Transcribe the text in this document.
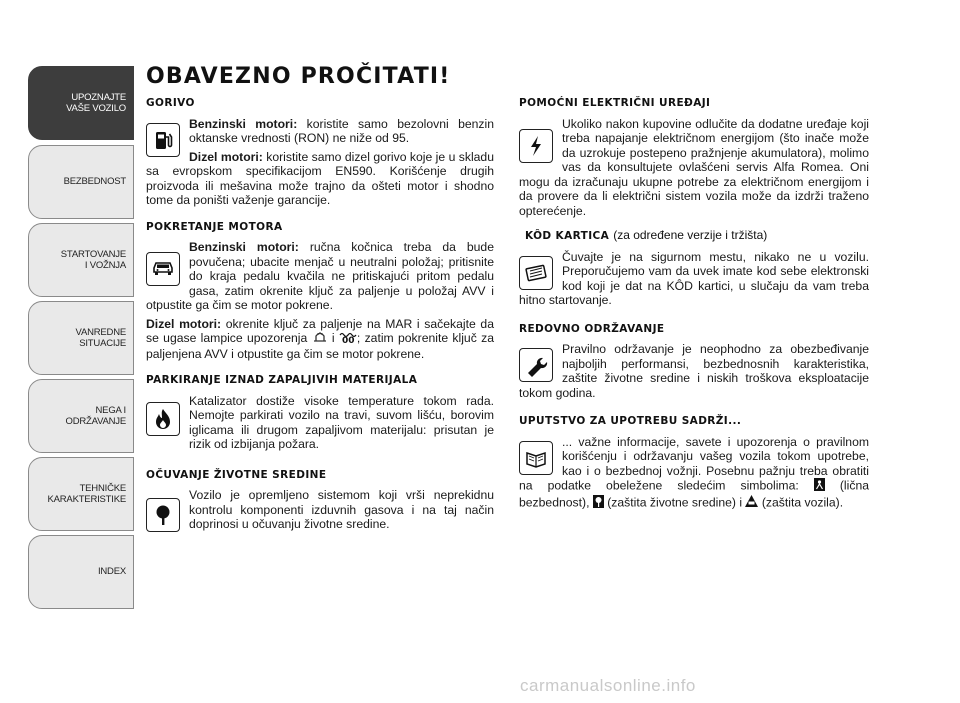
UPOZNAJTE
VAŠE VOZILO
BEZBEDNOST
STARTOVANJE
I VOŽNJA
VANREDNE
SITUACIJE
NEGA I
ODRŽAVANJE
TEHNIČKE
KARAKTERISTIKE
INDEX
OBAVEZNO PROČITATI!
GORIVO

Benzinski motori: koristite samo bezolovni benzin oktanske vrednosti (RON) ne niže od 95.

Dizel motori: koristite samo dizel gorivo koje je u skladu sa evropskom specifikacijom EN590. Korišćenje drugih proizvoda ili mešavina može trajno da ošteti motor i shodno tome da poništi važenje garancije.

POKRETANJE MOTORA

Benzinski motori: ručna kočnica treba da bude povučena; ubacite menjač u neutralni položaj; pritisnite do kraja pedalu kvačila ne pritiskajući pritom pedalu gasa, zatim okrenite ključ za paljenje u položaj AVV i otpustite ga čim se motor pokrene.

Dizel motori: okrenite ključ za paljenje na MAR i sačekajte da se ugase lampice upozorenja  i 00 ; zatim pokrenite ključ za paljenjena AVV i otpustite ga čim se motor pokrene.

PARKIRANJE IZNAD ZAPALJIVIH MATERIJALA

Katalizator dostiže visoke temperature tokom rada. Nemojte parkirati vozilo na travi, suvom lišću, borovim iglicama ili drugom zapaljivom materijalu: prisutan je rizik od izbijanja požara.

OČUVANJE ŽIVOTNE SREDINE

Vozilo je opremljeno sistemom koji vrši neprekidnu kontrolu komponenti izduvnih gasova i na taj način doprinosi u očuvanju životne sredine.

POMOĆNI ELEKTRIČNI UREĐAJI

Ukoliko nakon kupovine odlučite da dodatne uređaje koji treba napajanje električnom energijom (što inače može da uzrokuje postepeno pražnjenje akumulatora), molimo vas da konsultujete ovlašćeni servis Alfa Romea. Oni mogu da izračunaju ukupne potrebe za električnom energijom i da provere da li električni sistem vozila može da izdrži traženo opterećenje.

KÔD KARTICA (za određene verzije i tržišta)

Čuvajte je na sigurnom mestu, nikako ne u vozilu. Preporučujemo vam da uvek imate kod sebe elektronski kod koji je dat na KÔD kartici, u slučaju da vam treba hitno startovanje.

REDOVNO ODRŽAVANJE

Pravilno održavanje je neophodno za obezbeđivanje najboljih performansi, bezbednosnih karakteristika, zaštite životne sredine i niskih troškova eksploatacije tokom godina.

UPUTSTVO ZA UPOTREBU SADRŽI...

... važne informacije, savete i upozorenja o pravilnom korišćenju i održavanju vašeg vozila tokom upotrebe, kao i o bezbednoj vožnji. Posebnu pažnju treba obratiti na podatke obeležene sledećim simbolima:  (lična bezbednost),  (zaštita životne sredine) i  (zaštita vozila).

carmanualsonline.info
